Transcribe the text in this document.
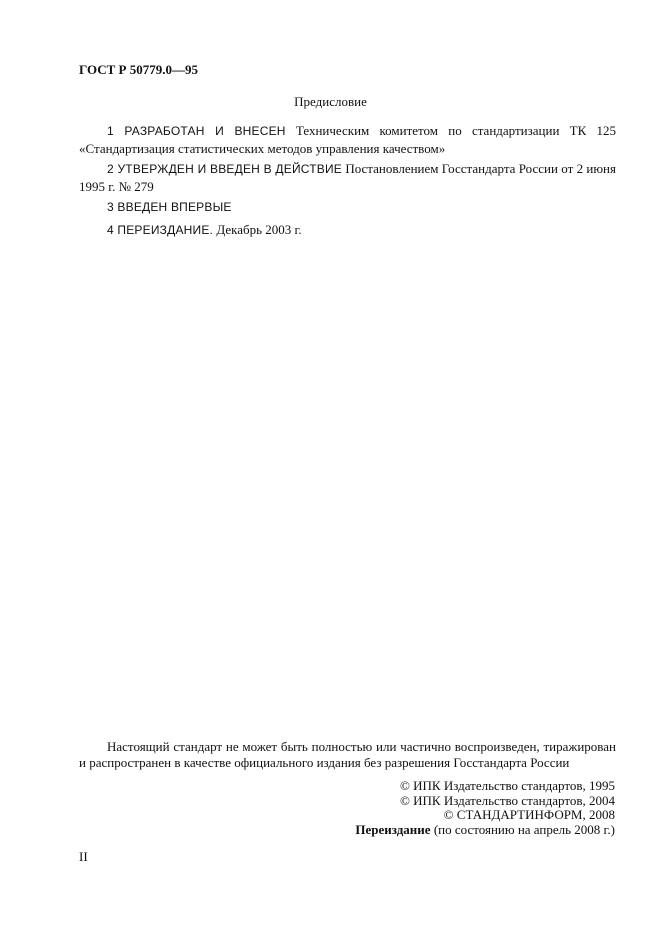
ГОСТ Р 50779.0—95
Предисловие
1 РАЗРАБОТАН И ВНЕСЕН Техническим комитетом по стандартизации ТК 125 «Стандартизация статистических методов управления качеством»
2 УТВЕРЖДЕН И ВВЕДЕН В ДЕЙСТВИЕ Постановлением Госстандарта России от 2 июня 1995 г. № 279
3 ВВЕДЕН ВПЕРВЫЕ
4 ПЕРЕИЗДАНИЕ. Декабрь 2003 г.
Настоящий стандарт не может быть полностью или частично воспроизведен, тиражирован и распространен в качестве официального издания без разрешения Госстандарта России
© ИПК Издательство стандартов, 1995
© ИПК Издательство стандартов, 2004
© СТАНДАРТИНФОРМ, 2008
Переиздание (по состоянию на апрель 2008 г.)
II
